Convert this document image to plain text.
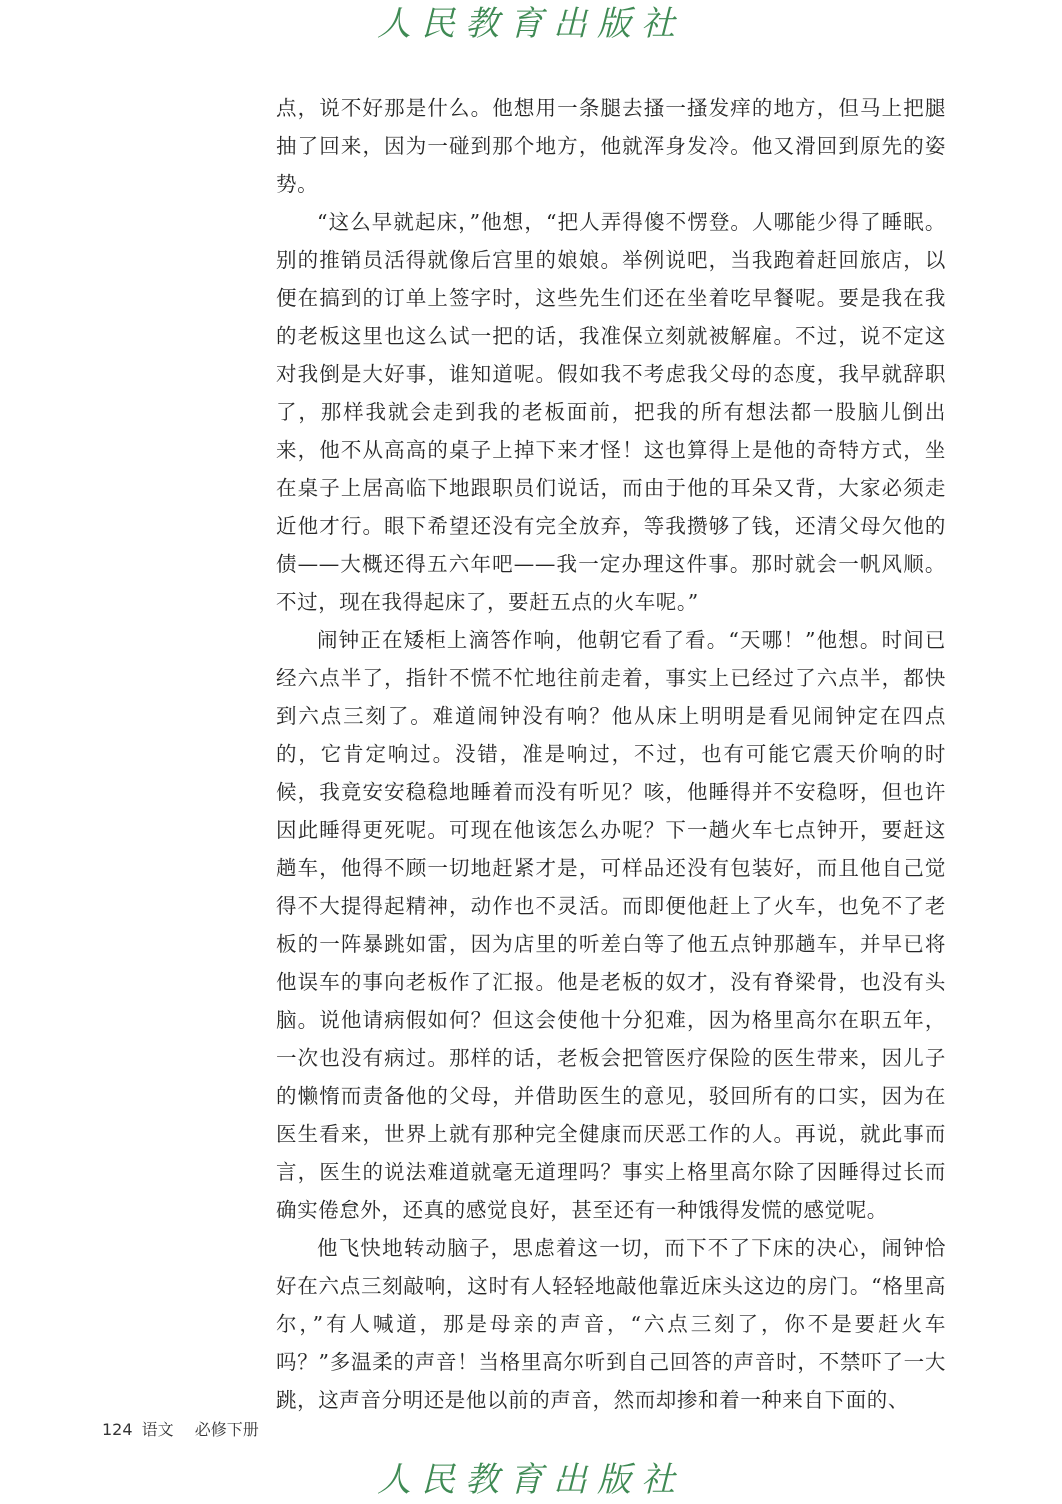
人民教育出版社

点，说不好那是什么。他想用一条腿去搔一搔发痒的地方，但马上把腿抽了回来，因为一碰到那个地方，他就浑身发冷。他又滑回到原先的姿势。

“这么早就起床，”他想，“把人弄得傻不愣登。人哪能少得了睡眠。别的推销员活得就像后宫里的娘娘。举例说吧，当我跑着赶回旅店，以便在搞到的订单上签字时，这些先生们还在坐着吃早餐呢。要是我在我的老板这里也这么试一把的话，我准保立刻就被解雇。不过，说不定这对我倒是大好事，谁知道呢。假如我不考虑我父母的态度，我早就辞职了，那样我就会走到我的老板面前，把我的所有想法都一股脑儿倒出来，他不从高高的桌子上掉下来才怪！这也算得上是他的奇特方式，坐在桌子上居高临下地跟职员们说话，而由于他的耳朵又背，大家必须走近他才行。眼下希望还没有完全放弃，等我攒够了钱，还清父母欠他的债——大概还得五六年吧——我一定办理这件事。那时就会一帆风顺。不过，现在我得起床了，要赶五点的火车呢。”

闹钟正在矮柜上滴答作响，他朝它看了看。“天哪！”他想。时间已经六点半了，指针不慌不忙地往前走着，事实上已经过了六点半，都快到六点三刻了。难道闹钟没有响？他从床上明明是看见闹钟定在四点的，它肯定响过。没错，准是响过，不过，也有可能它震天价响的时候，我竟安安稳稳地睡着而没有听见？咳，他睡得并不安稳呀，但也许因此睡得更死呢。可现在他该怎么办呢？下一趟火车七点钟开，要赶这趟车，他得不顾一切地赶紧才是，可样品还没有包装好，而且他自己觉得不大提得起精神，动作也不灵活。而即便他赶上了火车，也免不了老板的一阵暴跳如雷，因为店里的听差白等了他五点钟那趟车，并早已将他误车的事向老板作了汇报。他是老板的奴才，没有脊梁骨，也没有头脑。说他请病假如何？但这会使他十分犯难，因为格里高尔在职五年，一次也没有病过。那样的话，老板会把管医疗保险的医生带来，因儿子的懒惰而责备他的父母，并借助医生的意见，驳回所有的口实，因为在医生看来，世界上就有那种完全健康而厌恶工作的人。再说，就此事而言，医生的说法难道就毫无道理吗？事实上格里高尔除了因睡得过长而确实倦怠外，还真的感觉良好，甚至还有一种饿得发慌的感觉呢。

他飞快地转动脑子，思虑着这一切，而下不了下床的决心，闹钟恰好在六点三刻敲响，这时有人轻轻地敲他靠近床头这边的房门。“格里高尔，”有人喊道，那是母亲的声音，“六点三刻了，你不是要赶火车吗？”多温柔的声音！当格里高尔听到自己回答的声音时，不禁吓了一大跳，这声音分明还是他以前的声音，然而却掺和着一种来自下面的、

124 语文 必修下册
人民教育出版社
